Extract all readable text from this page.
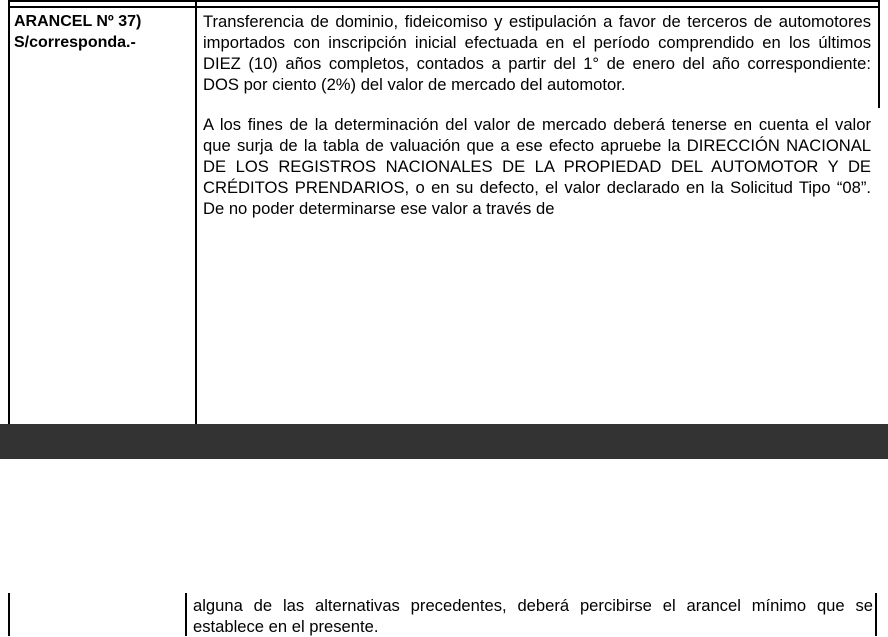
ARANCEL Nº 37)
S/corresponda.-
Transferencia de dominio, fideicomiso y estipulación a favor de terceros de automotores importados con inscripción inicial efectuada en el período comprendido en los últimos DIEZ (10) años completos, contados a partir del 1° de enero del año correspondiente: DOS por ciento (2%) del valor de mercado del automotor.
A los fines de la determinación del valor de mercado deberá tenerse en cuenta el valor que surja de la tabla de valuación que a ese efecto apruebe la DIRECCIÓN NACIONAL DE LOS REGISTROS NACIONALES DE LA PROPIEDAD DEL AUTOMOTOR Y DE CRÉDITOS PRENDARIOS, o en su defecto, el valor declarado en la Solicitud Tipo “08”. De no poder determinarse ese valor a través de
alguna de las alternativas precedentes, deberá percibirse el arancel mínimo que se establece en el presente.
